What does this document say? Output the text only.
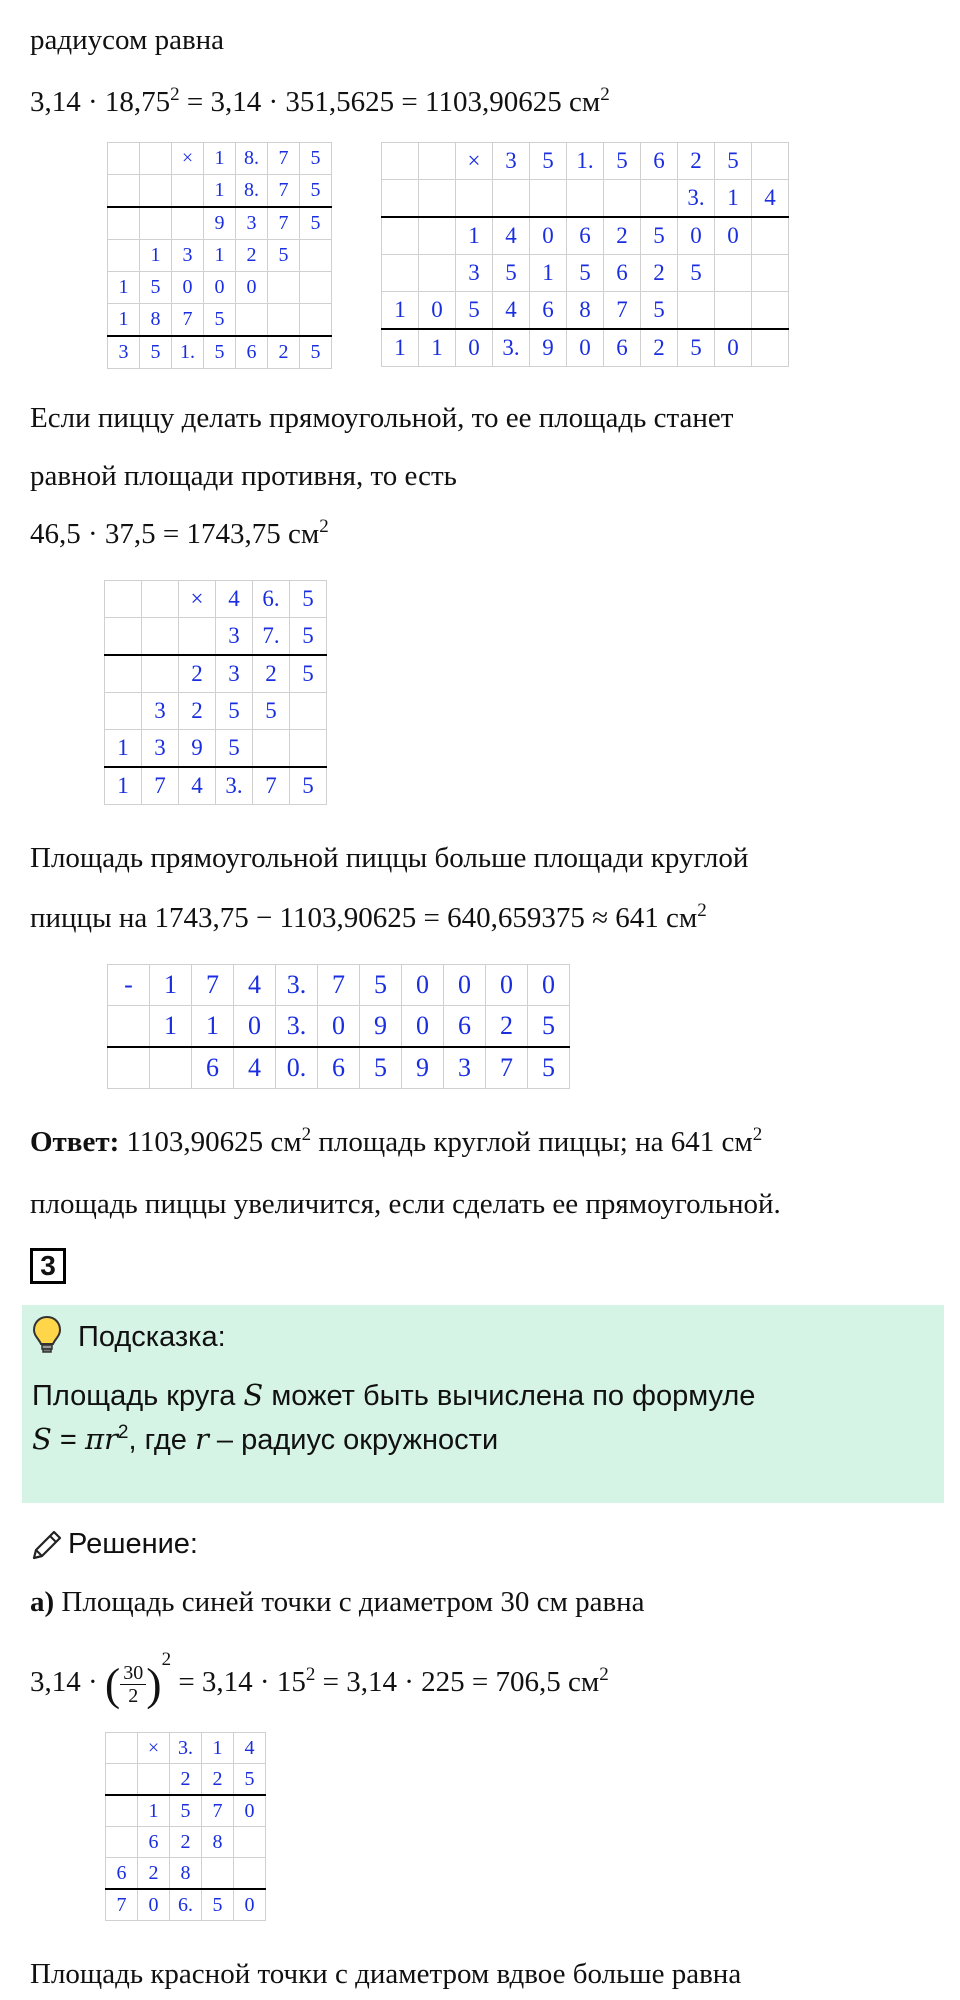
радиусом равна
$3,14 \cdot 18,75^2 = 3,14 \cdot 351,5625 = 1103,90625$ $см^2$
		×	1	8.	7	5
			1	8.	7	5
			9	3	7	5
	1	3	1	2	5	
1	5	0	0	0		
1	8	7	5			
3	5	1.	5	6	2	5
		×	3	5	1.	5	6	2	5	
								3.	1	4
		1	4	0	6	2	5	0	0	
		3	5	1	5	6	2	5		
1	0	5	4	6	8	7	5			
1	1	0	3.	9	0	6	2	5	0	
Если пиццу делать прямоугольной, то ее площадь станет
равной площади противня, то есть
46,5 · 37,5 = 1743,75 $см^2$
		×	4	6.	5
			3	7.	5
		2	3	2	5
	3	2	5	5	
1	3	9	5		
1	7	4	3.	7	5
Площадь прямоугольной пиццы больше площади круглой
пиццы на 1743,75 − 1103,90625 = 640,659375 ≈ 641 $см^2$
-	1	7	4	3.	7	5	0	0	0	0
	1	1	0	3.	0	9	0	6	2	5
		6	4	0.	6	5	9	3	7	5
Ответ: 1103,90625 $см^2$ площадь круглой пиццы; на 641 $см^2$
площадь пиццы увеличится, если сделать ее прямоугольной.
3
Подсказка:
Площадь круга S может быть вычислена по формуле
$S = \pi r^2$, где r – радиус окружности
Решение:
а) Площадь синей точки с диаметром 30 см равна
3,14 · ( $\frac{30}{2} )^2 = 3,14 \cdot 15^2 = 3,14 \cdot 225 = 706,5$ $см^2$
	×	3.	1	4
		2	2	5
	1	5	7	0
	6	2	8	
6	2	8		
7	0	6.	5	0
Площадь красной точки с диаметром вдвое больше равна
